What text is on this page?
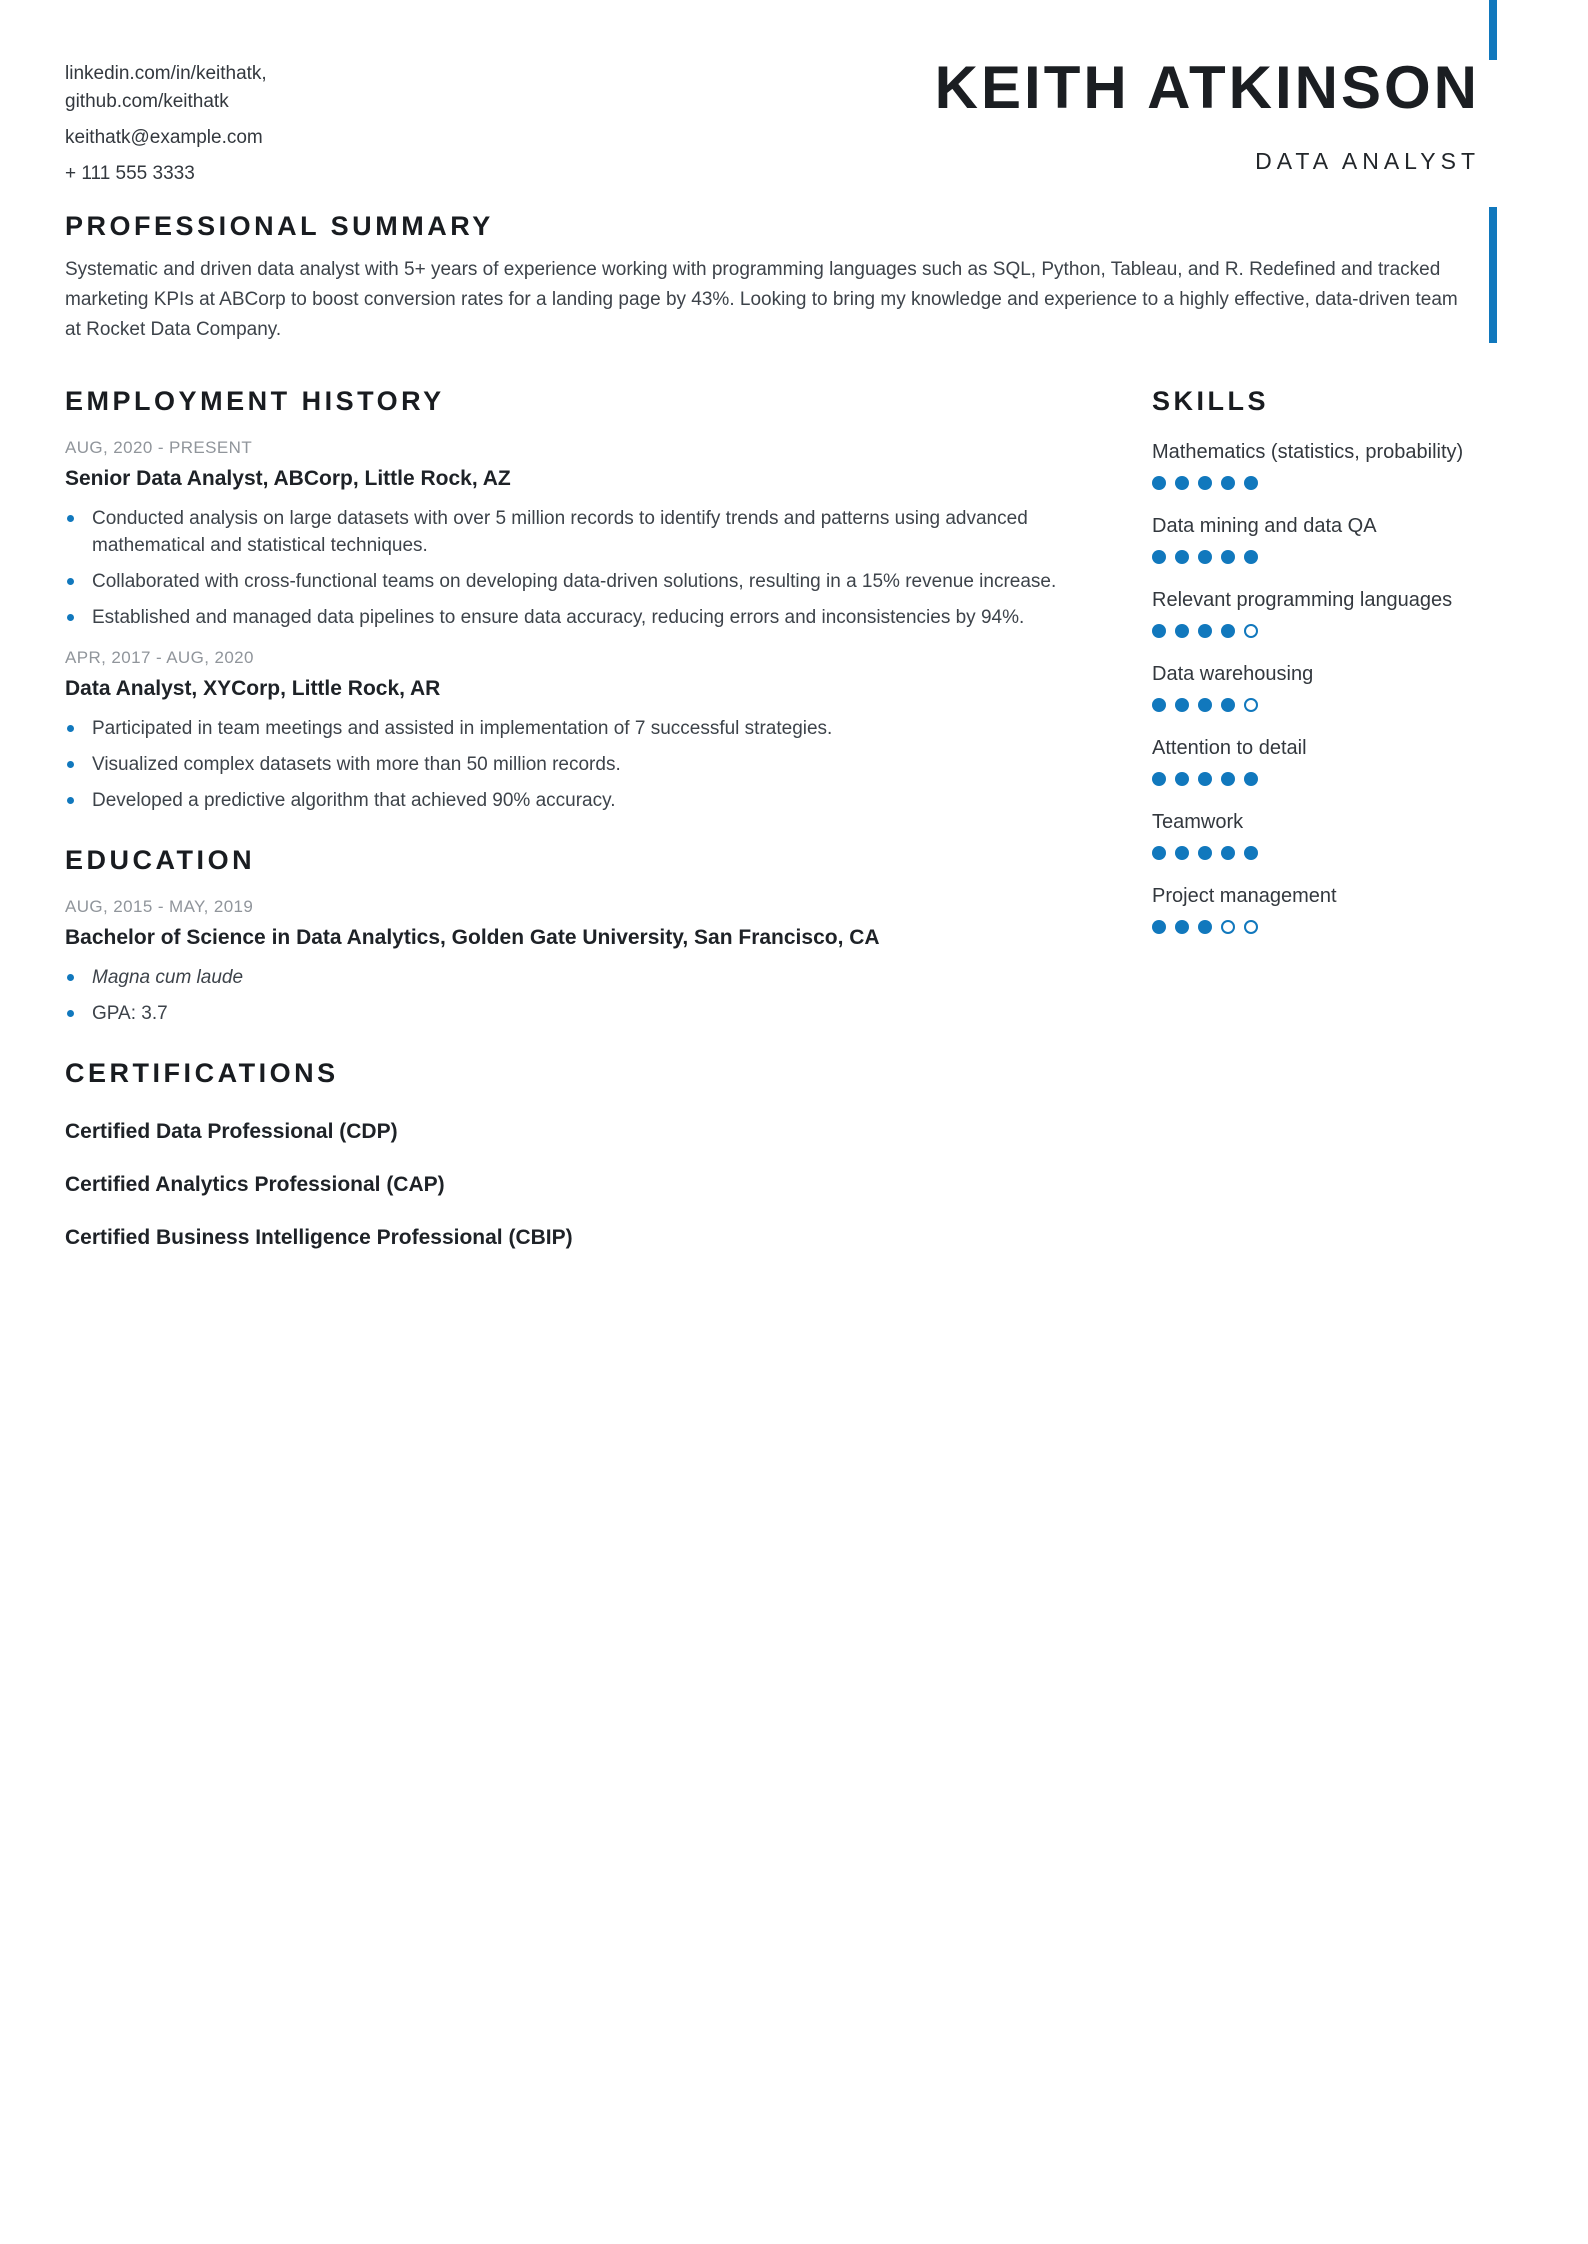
linkedin.com/in/keithatk,

github.com/keithatk

keithatk@example.com

+ 111 555 3333

KEITH ATKINSON
DATA ANALYST
PROFESSIONAL SUMMARY

Systematic and driven data analyst with 5+ years of experience working with programming languages such as SQL, Python, Tableau, and R. Redefined and tracked marketing KPIs at ABCorp to boost conversion rates for a landing page by 43%. Looking to bring my knowledge and experience to a highly effective, data-driven team at Rocket Data Company.

EMPLOYMENT HISTORY

AUG, 2020 - PRESENT

Senior Data Analyst, ABCorp, Little Rock, AZ

Conducted analysis on large datasets with over 5 million records to identify trends and patterns using advanced mathematical and statistical techniques.
Collaborated with cross-functional teams on developing data-driven solutions, resulting in a 15% revenue increase.
Established and managed data pipelines to ensure data accuracy, reducing errors and inconsistencies by 94%.

APR, 2017 - AUG, 2020

Data Analyst, XYCorp, Little Rock, AR

Participated in team meetings and assisted in implementation of 7 successful strategies.
Visualized complex datasets with more than 50 million records.
Developed a predictive algorithm that achieved 90% accuracy.
EDUCATION

AUG, 2015 - MAY, 2019

Bachelor of Science in Data Analytics, Golden Gate University, San Francisco, CA

Magna cum laude
GPA: 3.7
CERTIFICATIONS

Certified Data Professional (CDP)

Certified Analytics Professional (CAP)

Certified Business Intelligence Professional (CBIP)

SKILLS
Mathematics (statistics, probability)
Data mining and data QA
Relevant programming languages
Data warehousing
Attention to detail
Teamwork
Project management
